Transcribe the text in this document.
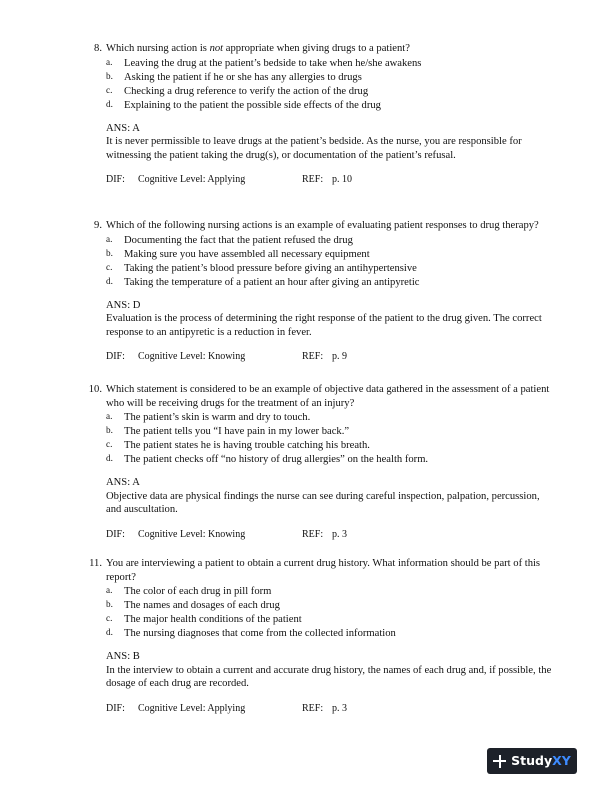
8. Which nursing action is not appropriate when giving drugs to a patient?
a. Leaving the drug at the patient’s bedside to take when he/she awakens
b. Asking the patient if he or she has any allergies to drugs
c. Checking a drug reference to verify the action of the drug
d. Explaining to the patient the possible side effects of the drug
ANS: A
It is never permissible to leave drugs at the patient’s bedside. As the nurse, you are responsible for witnessing the patient taking the drug(s), or documentation of the patient’s refusal.
DIF: Cognitive Level: Applying	REF: p. 10
9. Which of the following nursing actions is an example of evaluating patient responses to drug therapy?
a. Documenting the fact that the patient refused the drug
b. Making sure you have assembled all necessary equipment
c. Taking the patient’s blood pressure before giving an antihypertensive
d. Taking the temperature of a patient an hour after giving an antipyretic
ANS: D
Evaluation is the process of determining the right response of the patient to the drug given. The correct response to an antipyretic is a reduction in fever.
DIF: Cognitive Level: Knowing	REF: p. 9
10. Which statement is considered to be an example of objective data gathered in the assessment of a patient who will be receiving drugs for the treatment of an injury?
a. The patient’s skin is warm and dry to touch.
b. The patient tells you “I have pain in my lower back.”
c. The patient states he is having trouble catching his breath.
d. The patient checks off “no history of drug allergies” on the health form.
ANS: A
Objective data are physical findings the nurse can see during careful inspection, palpation, percussion, and auscultation.
DIF: Cognitive Level: Knowing	REF: p. 3
11. You are interviewing a patient to obtain a current drug history. What information should be part of this report?
a. The color of each drug in pill form
b. The names and dosages of each drug
c. The major health conditions of the patient
d. The nursing diagnoses that come from the collected information
ANS: B
In the interview to obtain a current and accurate drug history, the names of each drug and, if possible, the dosage of each drug are recorded.
DIF: Cognitive Level: Applying	REF: p. 3
Study XY
